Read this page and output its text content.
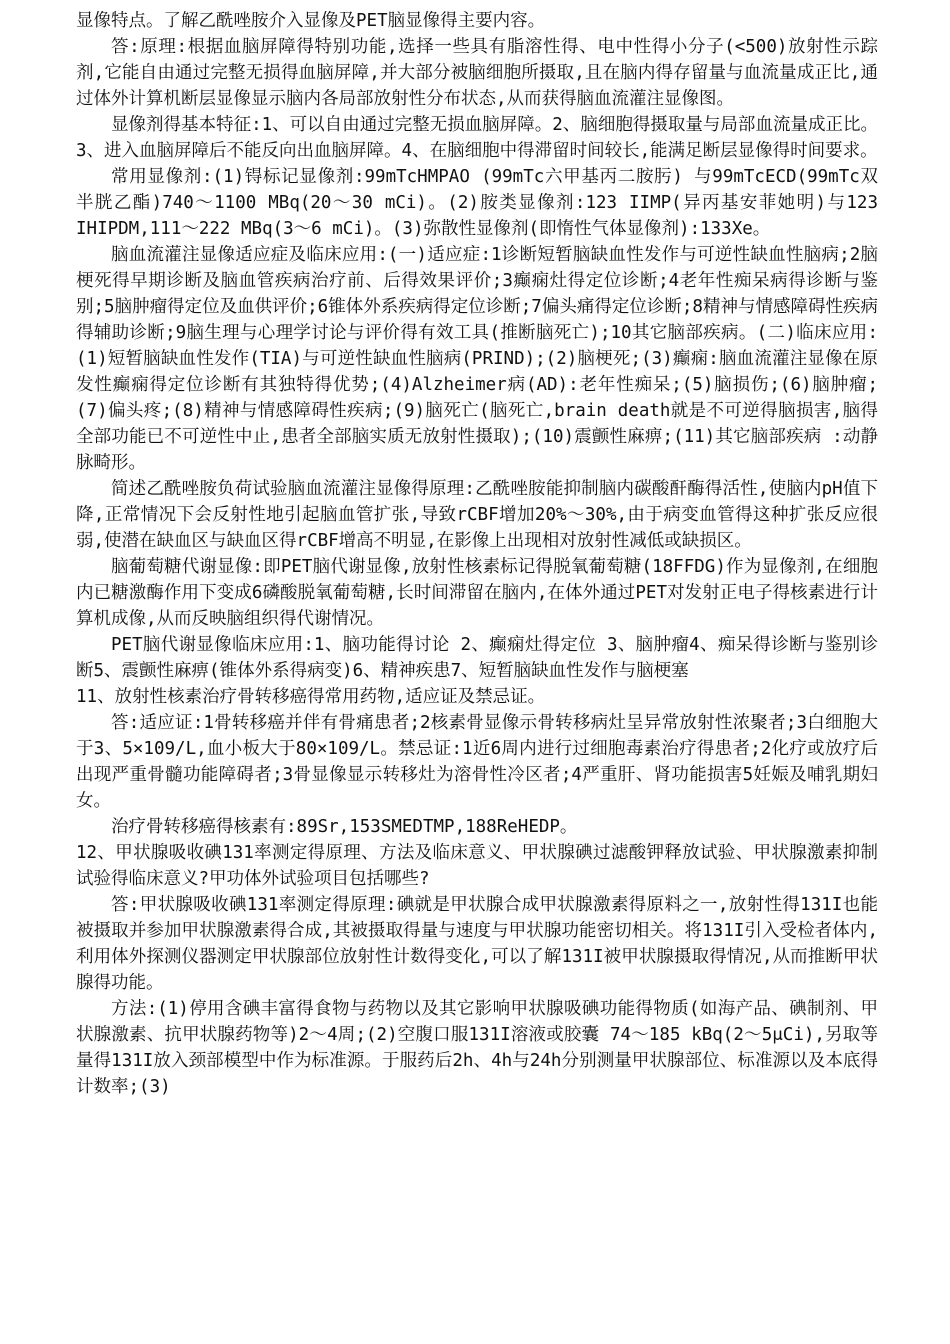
显像特点。了解乙酰唑胺介入显像及PET脑显像得主要内容。

答:原理:根据血脑屏障得特别功能,选择一些具有脂溶性得、电中性得小分子(<500)放射性示踪剂,它能自由通过完整无损得血脑屏障,并大部分被脑细胞所摄取,且在脑内得存留量与血流量成正比,通过体外计算机断层显像显示脑内各局部放射性分布状态,从而获得脑血流灌注显像图。

显像剂得基本特征:1、可以自由通过完整无损血脑屏障。2、脑细胞得摄取量与局部血流量成正比。3、进入血脑屏障后不能反向出血脑屏障。4、在脑细胞中得滞留时间较长,能满足断层显像得时间要求。

常用显像剂:(1)锝标记显像剂:99mTcHMPAO (99mTc六甲基丙二胺肟) 与99mTcECD(99mTc双半胱乙酯)740～1100 MBq(20～30 mCi)。(2)胺类显像剂:123 IIMP(异丙基安菲她明)与123 IHIPDM,111～222 MBq(3～6 mCi)。(3)弥散性显像剂(即惰性气体显像剂):133Xe。

脑血流灌注显像适应症及临床应用:(一)适应症:1诊断短暂脑缺血性发作与可逆性缺血性脑病;2脑梗死得早期诊断及脑血管疾病治疗前、后得效果评价;3癫痫灶得定位诊断;4老年性痴呆病得诊断与鉴别;5脑肿瘤得定位及血供评价;6锥体外系疾病得定位诊断;7偏头痛得定位诊断;8精神与情感障碍性疾病得辅助诊断;9脑生理与心理学讨论与评价得有效工具(推断脑死亡);10其它脑部疾病。(二)临床应用:(1)短暂脑缺血性发作(TIA)与可逆性缺血性脑病(PRIND);(2)脑梗死;(3)癫痫:脑血流灌注显像在原发性癫痫得定位诊断有其独特得优势;(4)Alzheimer病(AD):老年性痴呆;(5)脑损伤;(6)脑肿瘤;(7)偏头疼;(8)精神与情感障碍性疾病;(9)脑死亡(脑死亡,brain death就是不可逆得脑损害,脑得全部功能已不可逆性中止,患者全部脑实质无放射性摄取);(10)震颤性麻痹;(11)其它脑部疾病 :动静脉畸形。

简述乙酰唑胺负荷试验脑血流灌注显像得原理:乙酰唑胺能抑制脑内碳酸酐酶得活性,使脑内pH值下降,正常情况下会反射性地引起脑血管扩张,导致rCBF增加20%～30%,由于病变血管得这种扩张反应很弱,使潜在缺血区与缺血区得rCBF增高不明显,在影像上出现相对放射性减低或缺损区。

脑葡萄糖代谢显像:即PET脑代谢显像,放射性核素标记得脱氧葡萄糖(18FFDG)作为显像剂,在细胞内已糖激酶作用下变成6磷酸脱氧葡萄糖,长时间滞留在脑内,在体外通过PET对发射正电子得核素进行计算机成像,从而反映脑组织得代谢情况。

PET脑代谢显像临床应用:1、脑功能得讨论 2、癫痫灶得定位 3、脑肿瘤4、痴呆得诊断与鉴别诊断5、震颤性麻痹(锥体外系得病变)6、精神疾患7、短暂脑缺血性发作与脑梗塞

11、放射性核素治疗骨转移癌得常用药物,适应证及禁忌证。

答:适应证:1骨转移癌并伴有骨痛患者;2核素骨显像示骨转移病灶呈异常放射性浓聚者;3白细胞大于3、5×109/L,血小板大于80×109/L。禁忌证:1近6周内进行过细胞毒素治疗得患者;2化疗或放疗后出现严重骨髓功能障碍者;3骨显像显示转移灶为溶骨性冷区者;4严重肝、肾功能损害5妊娠及哺乳期妇女。

治疗骨转移癌得核素有:89Sr,153SMEDTMP,188ReHEDP。

12、甲状腺吸收碘131率测定得原理、方法及临床意义、甲状腺碘过滤酸钾释放试验、甲状腺激素抑制试验得临床意义?甲功体外试验项目包括哪些?

答:甲状腺吸收碘131率测定得原理:碘就是甲状腺合成甲状腺激素得原料之一,放射性得131I也能被摄取并参加甲状腺激素得合成,其被摄取得量与速度与甲状腺功能密切相关。将131I引入受检者体内,利用体外探测仪器测定甲状腺部位放射性计数得变化,可以了解131I被甲状腺摄取得情况,从而推断甲状腺得功能。

方法:(1)停用含碘丰富得食物与药物以及其它影响甲状腺吸碘功能得物质(如海产品、碘制剂、甲状腺激素、抗甲状腺药物等)2～4周;(2)空腹口服131I溶液或胶囊 74～185 kBq(2～5μCi),另取等量得131I放入颈部模型中作为标准源。于服药后2h、4h与24h分别测量甲状腺部位、标准源以及本底得计数率;(3)
